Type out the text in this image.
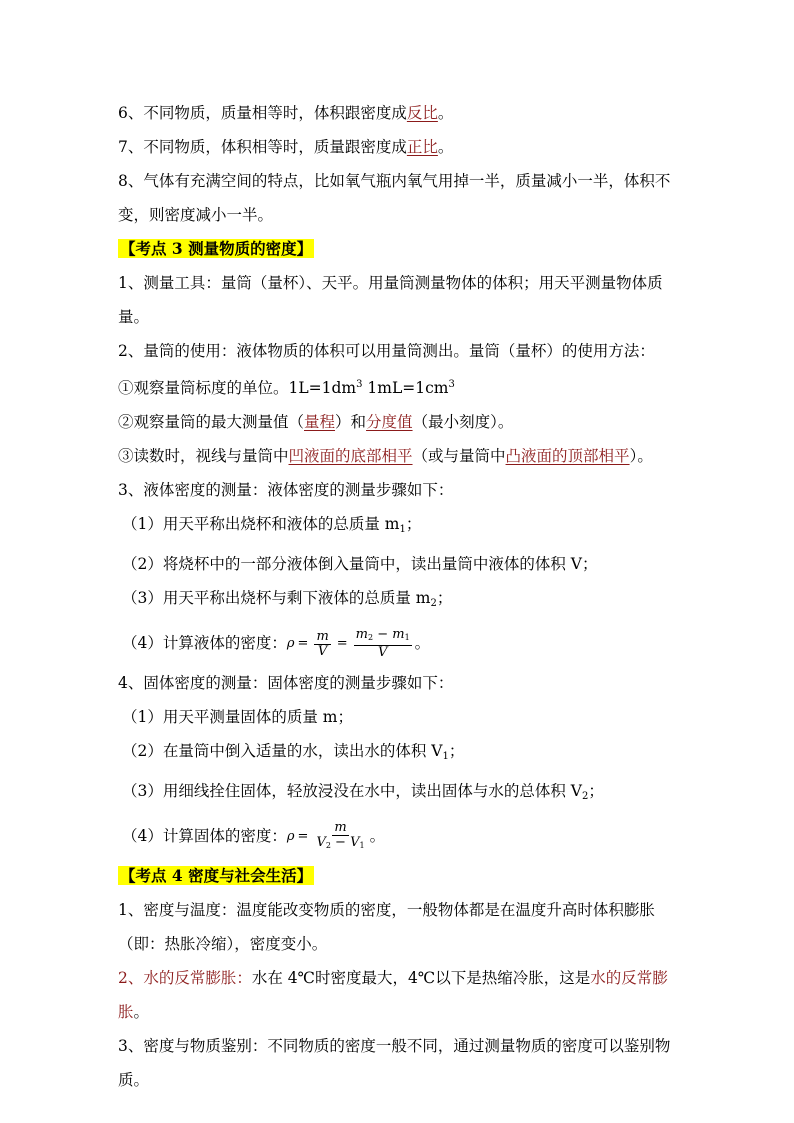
6、不同物质，质量相等时，体积跟密度成反比。
7、不同物质，体积相等时，质量跟密度成正比。
8、气体有充满空间的特点，比如氧气瓶内氧气用掉一半，质量减小一半，体积不变，则密度减小一半。
【考点 3 测量物质的密度】
1、测量工具：量筒（量杯）、天平。用量筒测量物体的体积；用天平测量物体质量。
2、量筒的使用：液体物质的体积可以用量筒测出。量筒（量杯）的使用方法：
①观察量筒标度的单位。$1L=1dm^3$ $1mL=1cm^3$
②观察量筒的最大测量值（量程）和分度值（最小刻度）。
③读数时，视线与量筒中凹液面的底部相平（或与量筒中凸液面的顶部相平）。
3、液体密度的测量：液体密度的测量步骤如下：
（1）用天平称出烧杯和液体的总质量 $m_1$；
（2）将烧杯中的一部分液体倒入量筒中，读出量筒中液体的体积 V；
（3）用天平称出烧杯与剩下液体的总质量 $m_2$；
（4）计算液体的密度： $\rho = \frac{m}{V} = \frac{m2 - m1}{V}$ 。
4、固体密度的测量：固体密度的测量步骤如下：
（1）用天平测量固体的质量 m；
（2）在量筒中倒入适量的水，读出水的体积 $V_1$；
（3）用细线拴住固体，轻放浸没在水中，读出固体与水的总体积 $V_2$；
（4）计算固体的密度： $\rho = \frac{m}{V2 - V1}$ 。
【考点 4 密度与社会生活】
1、密度与温度：温度能改变物质的密度，一般物体都是在温度升高时体积膨胀（即：热胀冷缩），密度变小。
2、水的反常膨胀：水在 4℃时密度最大，4℃以下是热缩冷胀，这是水的反常膨胀。
3、密度与物质鉴别：不同物质的密度一般不同，通过测量物质的密度可以鉴别物质。
